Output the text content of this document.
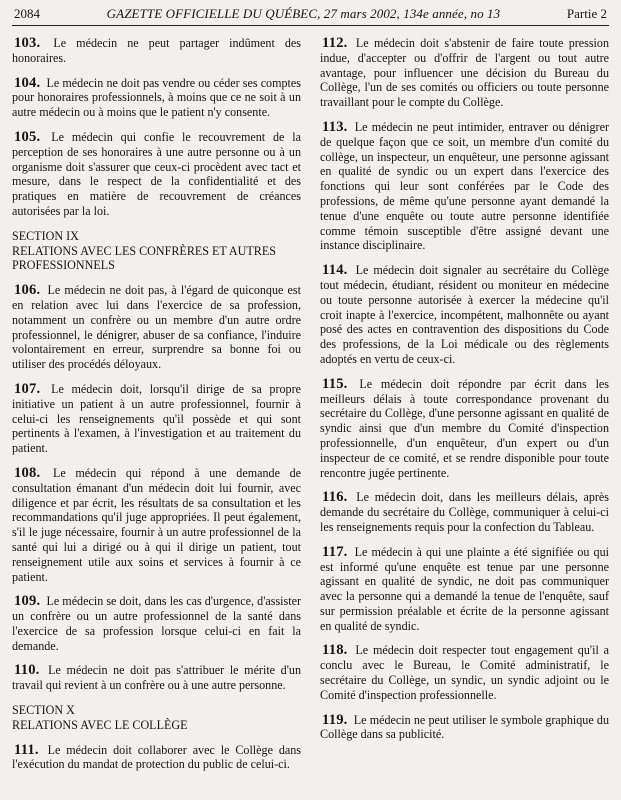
2084	GAZETTE OFFICIELLE DU QUÉBEC, 27 mars 2002, 134e année, no 13	Partie 2

103. Le médecin ne peut partager indûment des honoraires.

104. Le médecin ne doit pas vendre ou céder ses comptes pour honoraires professionnels, à moins que ce ne soit à un autre médecin ou à moins que le patient n'y consente.

105. Le médecin qui confie le recouvrement de la perception de ses honoraires à une autre personne ou à un organisme doit s'assurer que ceux-ci procèdent avec tact et mesure, dans le respect de la confidentialité et des pratiques en matière de recouvrement de créances autorisées par la loi.

SECTION IX
RELATIONS AVEC LES CONFRÈRES ET AUTRES PROFESSIONNELS

106. Le médecin ne doit pas, à l'égard de quiconque est en relation avec lui dans l'exercice de sa profession, notamment un confrère ou un membre d'un autre ordre professionnel, le dénigrer, abuser de sa confiance, l'induire volontairement en erreur, surprendre sa bonne foi ou utiliser des procédés déloyaux.

107. Le médecin doit, lorsqu'il dirige de sa propre initiative un patient à un autre professionnel, fournir à celui-ci les renseignements qu'il possède et qui sont pertinents à l'examen, à l'investigation et au traitement du patient.

108. Le médecin qui répond à une demande de consultation émanant d'un médecin doit lui fournir, avec diligence et par écrit, les résultats de sa consultation et les recommandations qu'il juge appropriées. Il peut également, s'il le juge nécessaire, fournir à un autre professionnel de la santé qui lui a dirigé ou à qui il dirige un patient, tout renseignement utile aux soins et services à fournir à ce patient.

109. Le médecin se doit, dans les cas d'urgence, d'assister un confrère ou un autre professionnel de la santé dans l'exercice de sa profession lorsque celui-ci en fait la demande.

110. Le médecin ne doit pas s'attribuer le mérite d'un travail qui revient à un confrère ou à une autre personne.

SECTION X
RELATIONS AVEC LE COLLÈGE

111. Le médecin doit collaborer avec le Collège dans l'exécution du mandat de protection du public de celui-ci.

112. Le médecin doit s'abstenir de faire toute pression indue, d'accepter ou d'offrir de l'argent ou tout autre avantage, pour influencer une décision du Bureau du Collège, l'un de ses comités ou officiers ou toute personne travaillant pour le compte du Collège.

113. Le médecin ne peut intimider, entraver ou dénigrer de quelque façon que ce soit, un membre d'un comité du collège, un inspecteur, un enquêteur, une personne agissant en qualité de syndic ou un expert dans l'exercice des fonctions qui leur sont conférées par le Code des professions, de même qu'une personne ayant demandé la tenue d'une enquête ou toute autre personne identifiée comme témoin susceptible d'être assigné devant une instance disciplinaire.

114. Le médecin doit signaler au secrétaire du Collège tout médecin, étudiant, résident ou moniteur en médecine ou toute personne autorisée à exercer la médecine qu'il croit inapte à l'exercice, incompétent, malhonnête ou ayant posé des actes en contravention des dispositions du Code des professions, de la Loi médicale ou des règlements adoptés en vertu de ceux-ci.

115. Le médecin doit répondre par écrit dans les meilleurs délais à toute correspondance provenant du secrétaire du Collège, d'une personne agissant en qualité de syndic ainsi que d'un membre du Comité d'inspection professionnelle, d'un enquêteur, d'un expert ou d'un inspecteur de ce comité, et se rendre disponible pour toute rencontre jugée pertinente.

116. Le médecin doit, dans les meilleurs délais, après demande du secrétaire du Collège, communiquer à celui-ci les renseignements requis pour la confection du Tableau.

117. Le médecin à qui une plainte a été signifiée ou qui est informé qu'une enquête est tenue par une personne agissant en qualité de syndic, ne doit pas communiquer avec la personne qui a demandé la tenue de l'enquête, sauf sur permission préalable et écrite de la personne agissant en qualité de syndic.

118. Le médecin doit respecter tout engagement qu'il a conclu avec le Bureau, le Comité administratif, le secrétaire du Collège, un syndic, un syndic adjoint ou le Comité d'inspection professionnelle.

119. Le médecin ne peut utiliser le symbole graphique du Collège dans sa publicité.
